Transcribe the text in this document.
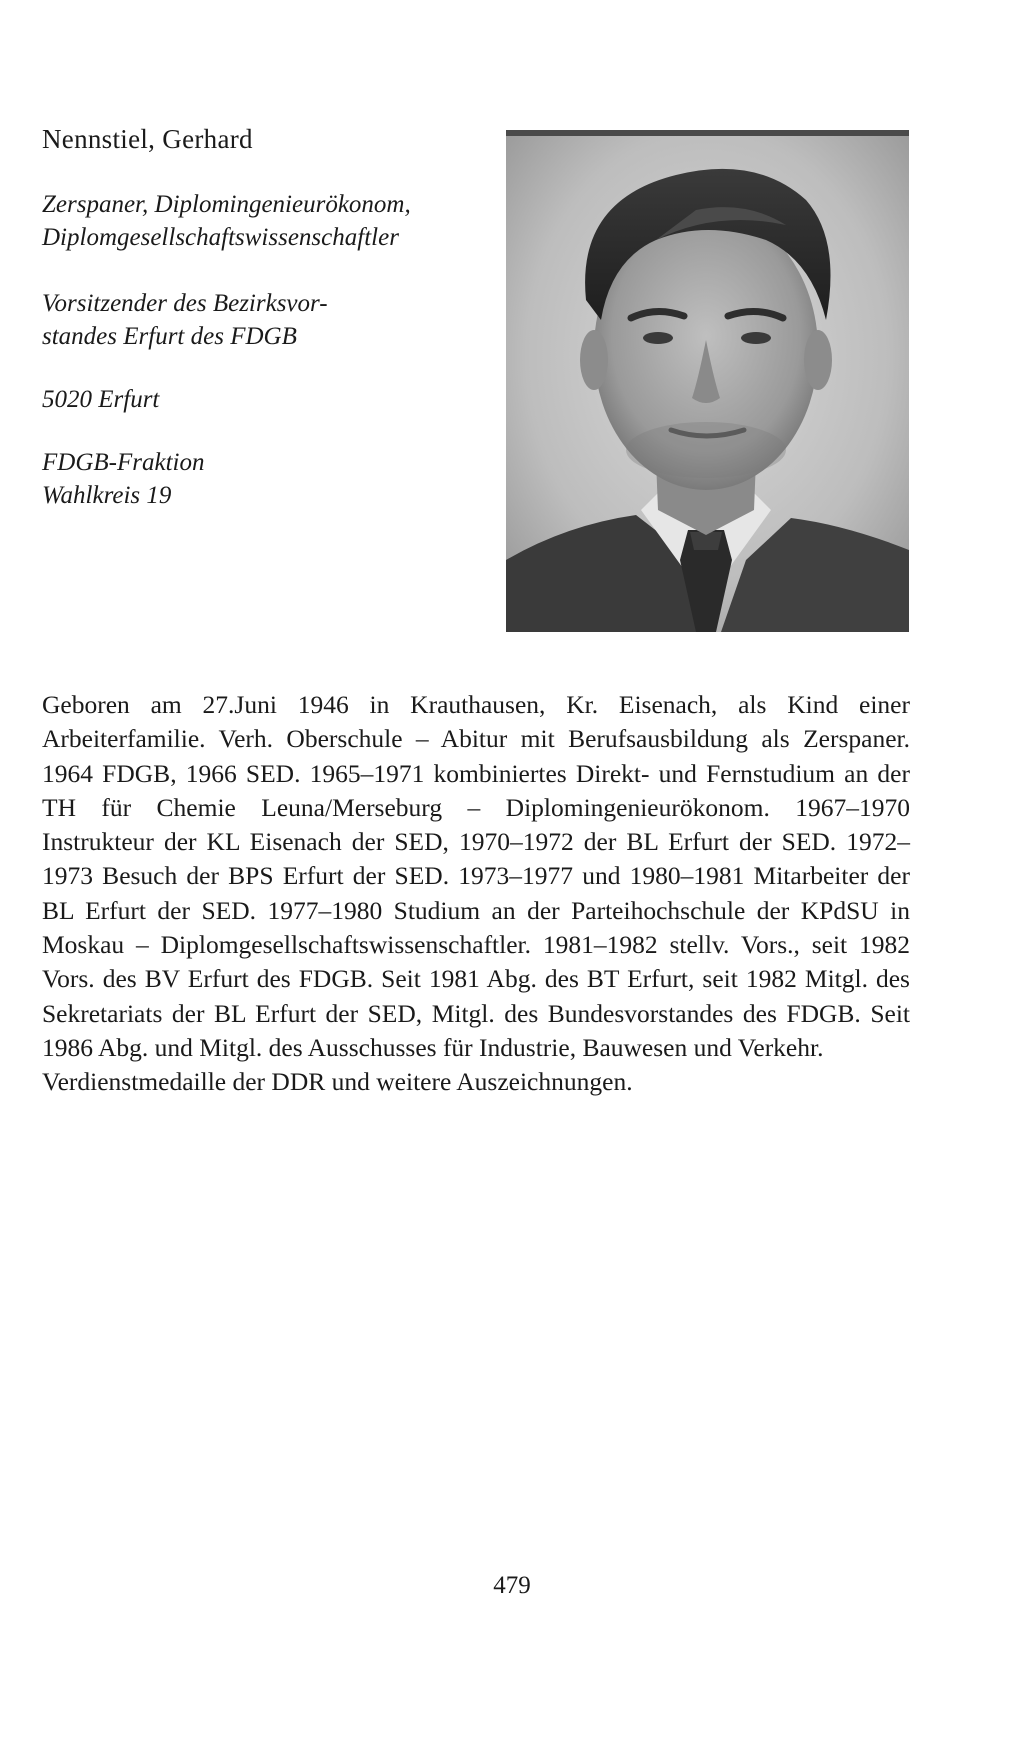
Nennstiel, Gerhard
Zerspaner, Diplomingenieurökonom,
Diplomgesellschaftswissenschaftler
Vorsitzender des Bezirksvor-
standes Erfurt des FDGB
5020 Erfurt
FDGB-Fraktion
Wahlkreis 19
Geboren am 27.Juni 1946 in Krauthausen, Kr. Eisenach, als Kind einer Arbeiterfamilie. Verh. Oberschule – Abitur mit Berufsausbildung als Zerspaner. 1964 FDGB, 1966 SED. 1965–1971 kombiniertes Direkt- und Fernstudium an der TH für Chemie Leuna/Merseburg – Diplomingenieurökonom. 1967–1970 Instrukteur der KL Eisenach der SED, 1970–1972 der BL Erfurt der SED. 1972–1973 Besuch der BPS Erfurt der SED. 1973–1977 und 1980–1981 Mitarbeiter der BL Erfurt der SED. 1977–1980 Studium an der Parteihochschule der KPdSU in Moskau – Diplomgesellschaftswissenschaftler. 1981–1982 stellv. Vors., seit 1982 Vors. des BV Erfurt des FDGB. Seit 1981 Abg. des BT Erfurt, seit 1982 Mitgl. des Sekretariats der BL Erfurt der SED, Mitgl. des Bundesvorstandes des FDGB. Seit 1986 Abg. und Mitgl. des Ausschusses für Industrie, Bauwesen und Verkehr.
Verdienstmedaille der DDR und weitere Auszeichnungen.
479
